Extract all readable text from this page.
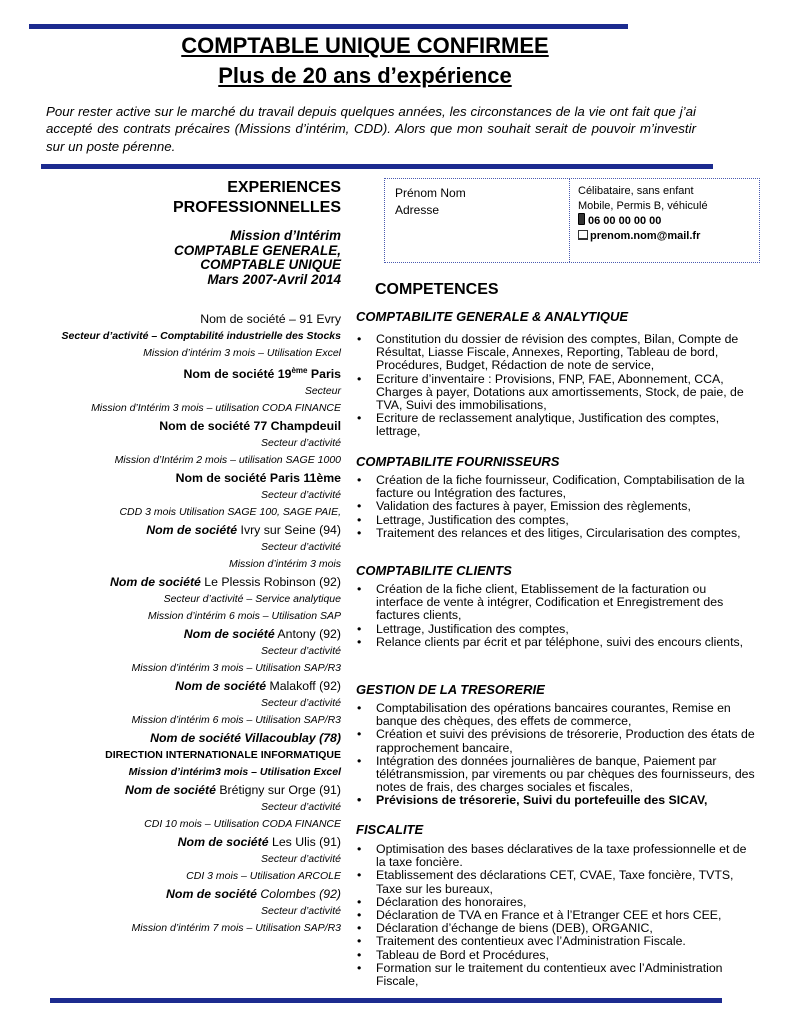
COMPTABLE UNIQUE CONFIRMEE
Plus de 20 ans d’expérience
Pour rester active sur le marché du travail depuis quelques années, les circonstances de la vie ont fait que j’ai accepté des contrats précaires (Missions d’intérim, CDD). Alors que mon souhait serait de pouvoir m’investir sur un poste pérenne.
EXPERIENCES
PROFESSIONNELLES
Mission d’Intérim
COMPTABLE GENERALE,
COMPTABLE UNIQUE
Mars 2007-Avril 2014
Nom de société – 91 Evry
Secteur d’activité – Comptabilité industrielle des Stocks
Mission d’intérim 3 mois – Utilisation Excel
Nom de société 19ème Paris
Secteur
Mission d’Intérim 3 mois – utilisation CODA FINANCE
Nom de société 77 Champdeuil
Secteur d’activité
Mission d’Intérim 2 mois – utilisation SAGE 1000
Nom de société Paris 11ème
Secteur d’activité
CDD 3 mois Utilisation SAGE 100, SAGE PAIE,
Nom de société Ivry sur Seine (94)
Secteur d’activité
Mission d’intérim 3 mois
Nom de société Le Plessis Robinson (92)
Secteur d’activité – Service analytique
Mission d’intérim 6 mois – Utilisation SAP
Nom de société Antony (92)
Secteur d’activité
Mission d’intérim 3 mois – Utilisation SAP/R3
Nom de société Malakoff (92)
Secteur d’activité
Mission d’intérim 6 mois – Utilisation SAP/R3
Nom de société Villacoublay (78)
DIRECTION INTERNATIONALE INFORMATIQUE
Mission d’intérim3 mois – Utilisation Excel
Nom de société Brétigny sur Orge (91)
Secteur d’activité
CDI 10 mois – Utilisation CODA FINANCE
Nom de société Les Ulis (91)
Secteur d’activité
CDI 3 mois – Utilisation ARCOLE
Nom de société Colombes (92)
Secteur d’activité
Mission d’intérim 7 mois – Utilisation SAP/R3
Prénom Nom
Adresse
Célibataire, sans enfant
Mobile, Permis B, véhiculé
06 00 00 00 00
prenom.nom@mail.fr
COMPETENCES
COMPTABILITE GENERALE & ANALYTIQUE
• Constitution du dossier de révision des comptes, Bilan, Compte de Résultat, Liasse Fiscale, Annexes, Reporting, Tableau de bord, Procédures, Budget, Rédaction de note de service,
• Ecriture d’inventaire : Provisions, FNP, FAE, Abonnement, CCA, Charges à payer, Dotations aux amortissements, Stock, de paie, de TVA, Suivi des immobilisations,
• Ecriture de reclassement analytique, Justification des comptes, lettrage,
COMPTABILITE FOURNISSEURS
• Création de la fiche fournisseur, Codification, Comptabilisation de la facture ou Intégration des factures,
• Validation des factures à payer, Emission des règlements,
• Lettrage, Justification des comptes,
• Traitement des relances et des litiges, Circularisation des comptes,
COMPTABILITE CLIENTS
• Création de la fiche client, Etablissement de la facturation ou interface de vente à intégrer, Codification et Enregistrement des factures clients,
• Lettrage, Justification des comptes,
• Relance clients par écrit et par téléphone, suivi des encours clients,
GESTION DE LA TRESORERIE
• Comptabilisation des opérations bancaires courantes, Remise en banque des chèques, des effets de commerce,
• Création et suivi des prévisions de trésorerie, Production des états de rapprochement bancaire,
• Intégration des données journalières de banque, Paiement par télétransmission, par virements ou par chèques des fournisseurs, des notes de frais, des charges sociales et fiscales,
• Prévisions de trésorerie, Suivi du portefeuille des SICAV,
FISCALITE
• Optimisation des bases déclaratives de la taxe professionnelle et de la taxe foncière.
• Etablissement des déclarations CET, CVAE, Taxe foncière, TVTS, Taxe sur les bureaux,
• Déclaration des honoraires,
• Déclaration de TVA en France et à l’Etranger CEE et hors CEE,
• Déclaration d’échange de biens (DEB), ORGANIC,
• Traitement des contentieux avec l’Administration Fiscale.
• Tableau de Bord et Procédures,
• Formation sur le traitement du contentieux avec l’Administration Fiscale,
